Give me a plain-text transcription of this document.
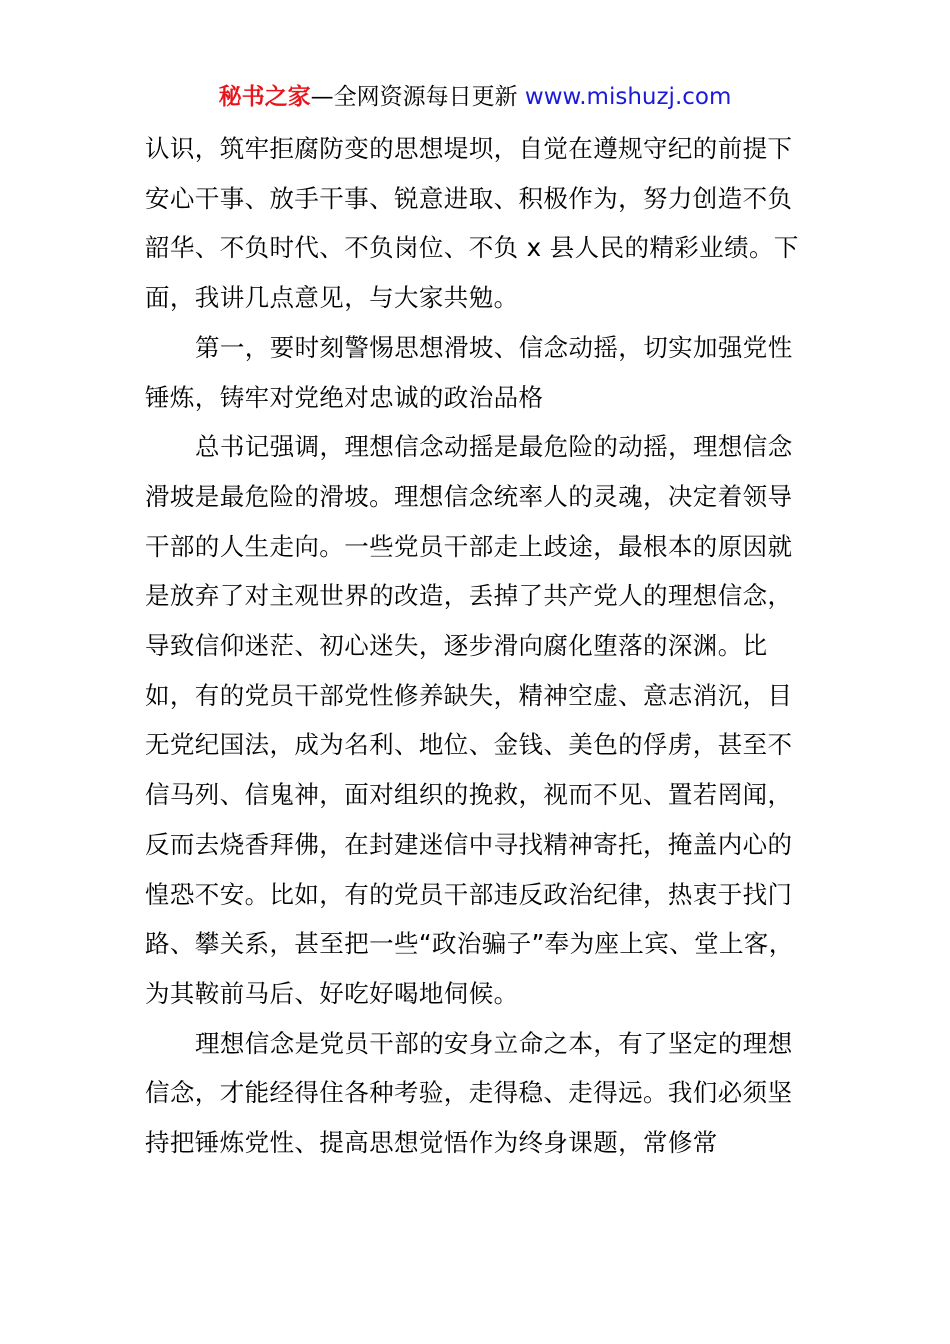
秘书之家—全网资源每日更新 www.mishuzj.com

认识，筑牢拒腐防变的思想堤坝，自觉在遵规守纪的前提下安心干事、放手干事、锐意进取、积极作为，努力创造不负韶华、不负时代、不负岗位、不负 x 县人民的精彩业绩。下面，我讲几点意见，与大家共勉。

第一，要时刻警惕思想滑坡、信念动摇，切实加强党性锤炼，铸牢对党绝对忠诚的政治品格

总书记强调，理想信念动摇是最危险的动摇，理想信念滑坡是最危险的滑坡。理想信念统率人的灵魂，决定着领导干部的人生走向。一些党员干部走上歧途，最根本的原因就是放弃了对主观世界的改造，丢掉了共产党人的理想信念，导致信仰迷茫、初心迷失，逐步滑向腐化堕落的深渊。比如，有的党员干部党性修养缺失，精神空虚、意志消沉，目无党纪国法，成为名利、地位、金钱、美色的俘虏，甚至不信马列、信鬼神，面对组织的挽救，视而不见、置若罔闻，反而去烧香拜佛，在封建迷信中寻找精神寄托，掩盖内心的惶恐不安。比如，有的党员干部违反政治纪律，热衷于找门路、攀关系，甚至把一些“政治骗子”奉为座上宾、堂上客，为其鞍前马后、好吃好喝地伺候。

理想信念是党员干部的安身立命之本，有了坚定的理想信念，才能经得住各种考验，走得稳、走得远。我们必须坚持把锤炼党性、提高思想觉悟作为终身课题，常修常
